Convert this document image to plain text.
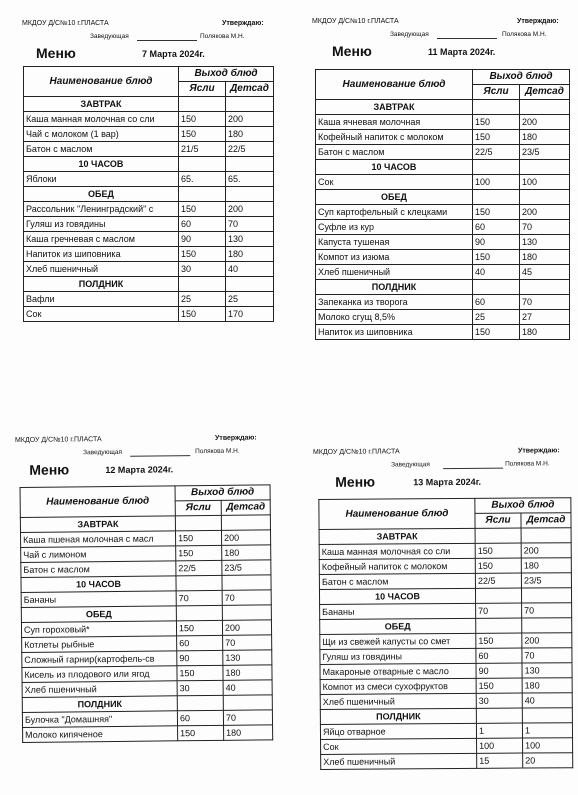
МКДОУ Д/С№10 г.ПЛАСТА	Утверждаю:
Заведующая	Полякова М.Н.
Меню	7 Марта 2024г.
Наименование блюд	Выход блюд	
	Ясли	Детсад
ЗАВТРАК		
Каша манная молочная со сли	150	200
Чай с молоком (1 вар)	150	180
Батон с маслом	21/5	22/5
10 ЧАСОВ		
Яблоки	65.	65.
ОБЕД		
Рассольник "Ленинградский" с	150	200
Гуляш из говядины	60	70
Каша гречневая с маслом	90	130
Напиток из шиповника	150	180
Хлеб пшеничный	30	40
ПОЛДНИК		
Вафли	25	25
Сок	150	170
МКДОУ Д/С№10 г.ПЛАСТА	Утверждаю:
Заведующая	Полякова М.Н.
Меню	11 Марта 2024г.
Наименование блюд	Выход блюд	
	Ясли	Детсад
ЗАВТРАК		
Каша ячневая молочная	150	200
Кофейный напиток с молоком	150	180
Батон с маслом	22/5	23/5
10 ЧАСОВ		
Сок	100	100
ОБЕД		
Суп картофельный с клецками	150	200
Суфле из кур	60	70
Капуста тушеная	90	130
Компот из изюма	150	180
Хлеб пшеничный	40	45
ПОЛДНИК		
Запеканка из творога	60	70
Молоко сгущ 8,5%	25	27
Напиток из шиповника	150	180
МКДОУ Д/С№10 г.ПЛАСТА	Утверждаю:
Заведующая	Полякова М.Н.
Меню	12 Марта 2024г.
Наименование блюд	Выход блюд	
	Ясли	Детсад
ЗАВТРАК		
Каша пшеная молочная с масл	150	200
Чай с лимоном	150	180
Батон с маслом	22/5	23/5
10 ЧАСОВ		
Бананы	70	70
ОБЕД		
Суп гороховый*	150	200
Котлеты рыбные	60	70
Сложный гарнир(картофель-св	90	130
Кисель из плодового или ягод	150	180
Хлеб пшеничный	30	40
ПОЛДНИК		
Булочка "Домашняя"	60	70
Молоко кипяченое	150	180
МКДОУ Д/С№10 г.ПЛАСТА	Утверждаю:
Заведующая	Полякова М.Н.
Меню	13 Марта 2024г.
Наименование блюд	Выход блюд	
	Ясли	Детсад
ЗАВТРАК		
Каша манная молочная со сли	150	200
Кофейный напиток с молоком	150	180
Батон с маслом	22/5	23/5
10 ЧАСОВ		
Бананы	70	70
ОБЕД		
Щи из свежей капусты со смет	150	200
Гуляш из говядины	60	70
Макароные отварные с масло	90	130
Компот из смеси сухофруктов	150	180
Хлеб пшеничный	30	40
ПОЛДНИК		
Яйцо отварное	1	1
Сок	100	100
Хлеб пшеничный	15	20
